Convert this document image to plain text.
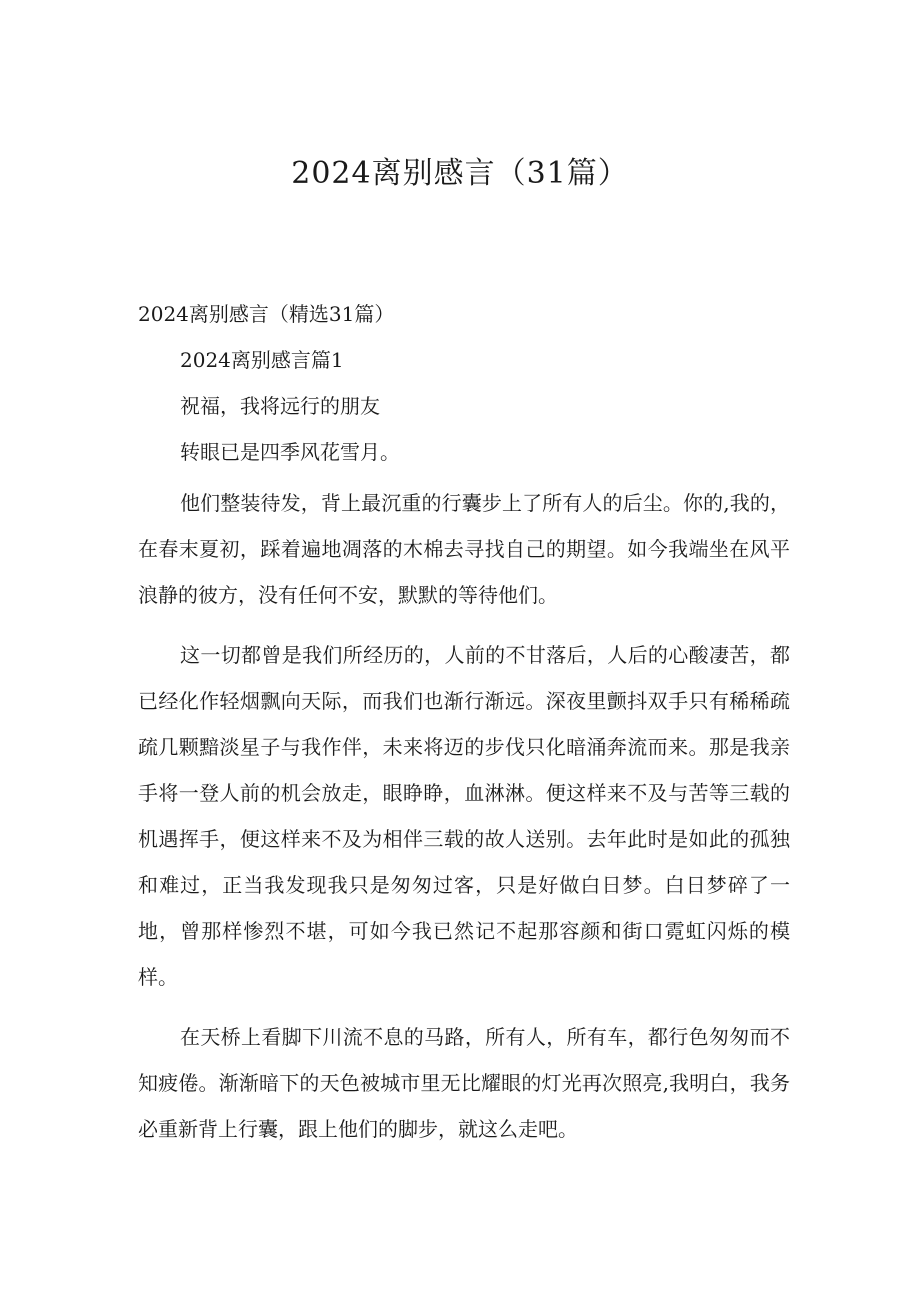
2024离别感言（31篇）

2024离别感言（精选31篇）

2024离别感言篇1

祝福，我将远行的朋友

转眼已是四季风花雪月。

他们整装待发，背上最沉重的行囊步上了所有人的后尘。你的,我的，在春末夏初，踩着遍地凋落的木棉去寻找自己的期望。如今我端坐在风平浪静的彼方，没有任何不安，默默的等待他们。

这一切都曾是我们所经历的，人前的不甘落后，人后的心酸凄苦，都已经化作轻烟飘向天际，而我们也渐行渐远。深夜里颤抖双手只有稀稀疏疏几颗黯淡星子与我作伴，未来将迈的步伐只化暗涌奔流而来。那是我亲手将一登人前的机会放走，眼睁睁，血淋淋。便这样来不及与苦等三载的机遇挥手，便这样来不及为相伴三载的故人送别。去年此时是如此的孤独和难过，正当我发现我只是匆匆过客，只是好做白日梦。白日梦碎了一地，曾那样惨烈不堪，可如今我已然记不起那容颜和街口霓虹闪烁的模样。

在天桥上看脚下川流不息的马路，所有人，所有车，都行色匆匆而不知疲倦。渐渐暗下的天色被城市里无比耀眼的灯光再次照亮,我明白，我务必重新背上行囊，跟上他们的脚步，就这么走吧。
